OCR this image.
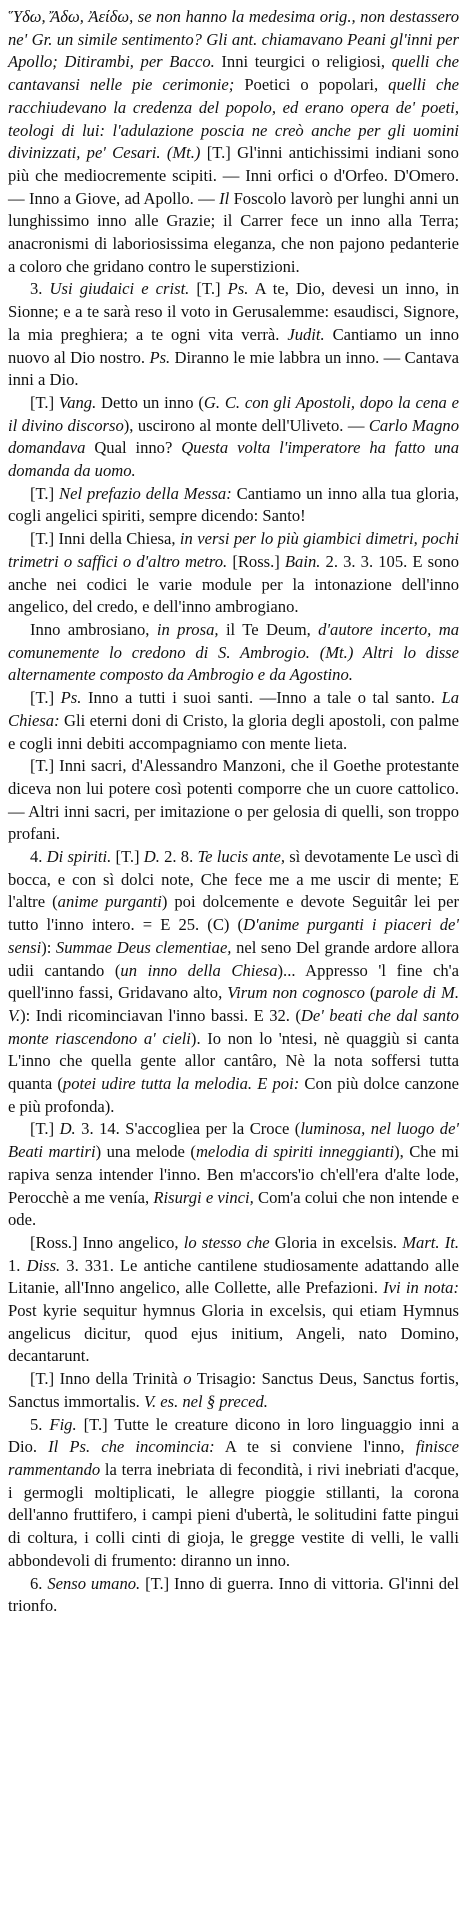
Ὕδω, Ἄδω, Ἀείδω, se non hanno la medesima orig., non destassero ne' Gr. un simile sentimento? Gli ant. chiamavano Peani gl'inni per Apollo; Ditirambi, per Bacco. Inni teurgici o religiosi, quelli che cantavansi nelle pie cerimonie; Poetici o popolari, quelli che racchiudevano la credenza del popolo, ed erano opera de' poeti, teologi di lui: l'adulazione poscia ne creò anche per gli uomini divinizzati, pe' Cesari. (Mt.) [T.] Gl'inni antichissimi indiani sono più che mediocremente scipiti. — Inni orfici o d'Orfeo. D'Omero. — Inno a Giove, ad Apollo. — Il Foscolo lavorò per lunghi anni un lunghissimo inno alle Grazie; il Carrer fece un inno alla Terra; anacronismi di laboriosissima eleganza, che non pajono pedanterie a coloro che gridano contro le superstizioni.

3. Usi giudaici e crist. [T.] Ps. A te, Dio, devesi un inno, in Sionne; e a te sarà reso il voto in Gerusalemme: esaudisci, Signore, la mia preghiera; a te ogni vita verrà. Judit. Cantiamo un inno nuovo al Dio nostro. Ps. Diranno le mie labbra un inno. — Cantava inni a Dio.

[T.] Vang. Detto un inno (G. C. con gli Apostoli, dopo la cena e il divino discorso), uscirono al monte dell'Uliveto. — Carlo Magno domandava Qual inno? Questa volta l'imperatore ha fatto una domanda da uomo.

[T.] Nel prefazio della Messa: Cantiamo un inno alla tua gloria, cogli angelici spiriti, sempre dicendo: Santo!

[T.] Inni della Chiesa, in versi per lo più giambici dimetri, pochi trimetri o saffici o d'altro metro. [Ross.] Bain. 2. 3. 3. 105. E sono anche nei codici le varie module per la intonazione dell'inno angelico, del credo, e dell'inno ambrogiano.

Inno ambrosiano, in prosa, il Te Deum, d'autore incerto, ma comunemente lo credono di S. Ambrogio. (Mt.) Altri lo disse alternamente composto da Ambrogio e da Agostino.

[T.] Ps. Inno a tutti i suoi santi. —Inno a tale o tal santo. La Chiesa: Gli eterni doni di Cristo, la gloria degli apostoli, con palme e cogli inni debiti accompagniamo con mente lieta.

[T.] Inni sacri, d'Alessandro Manzoni, che il Goethe protestante diceva non lui potere così potenti comporre che un cuore cattolico. — Altri inni sacri, per imitazione o per gelosia di quelli, son troppo profani.

4. Di spiriti. [T.] D. 2. 8. Te lucis ante, sì devotamente Le uscì di bocca, e con sì dolci note, Che fece me a me uscir di mente; E l'altre (anime purganti) poi dolcemente e devote Seguitâr lei per tutto l'inno intero. = E 25. (C) (D'anime purganti i piaceri de' sensi): Summae Deus clementiae, nel seno Del grande ardore allora udii cantando (un inno della Chiesa)... Appresso 'l fine ch'a quell'inno fassi, Gridavano alto, Virum non cognosco (parole di M. V.): Indi ricominciavan l'inno bassi. E 32. (De' beati che dal santo monte riascendono a' cieli). Io non lo 'ntesi, nè quaggiù si canta L'inno che quella gente allor cantâro, Nè la nota soffersi tutta quanta (potei udire tutta la melodia. E poi: Con più dolce canzone e più profonda).

[T.] D. 3. 14. S'accogliea per la Croce (luminosa, nel luogo de' Beati martiri) una melode (melodia di spiriti inneggianti), Che mi rapiva senza intender l'inno. Ben m'accors'io ch'ell'era d'alte lode, Perocchè a me venía, Risurgi e vinci, Com'a colui che non intende e ode.

[Ross.] Inno angelico, lo stesso che Gloria in excelsis. Mart. It. 1. Diss. 3. 331. Le antiche cantilene studiosamente adattando alle Litanie, all'Inno angelico, alle Collette, alle Prefazioni. Ivi in nota: Post kyrie sequitur hymnus Gloria in excelsis, qui etiam Hymnus angelicus dicitur, quod ejus initium, Angeli, nato Domino, decantarunt.

[T.] Inno della Trinità o Trisagio: Sanctus Deus, Sanctus fortis, Sanctus immortalis. V. es. nel § preced.

5. Fig. [T.] Tutte le creature dicono in loro linguaggio inni a Dio. Il Ps. che incomincia: A te si conviene l'inno, finisce rammentando la terra inebriata di fecondità, i rivi inebriati d'acque, i germogli moltiplicati, le allegre pioggie stillanti, la corona dell'anno fruttifero, i campi pieni d'ubertà, le solitudini fatte pingui di coltura, i colli cinti di gioja, le gregge vestite di velli, le valli abbondevoli di frumento: diranno un inno.

6. Senso umano. [T.] Inno di guerra. Inno di vittoria. Gl'inni del trionfo.
